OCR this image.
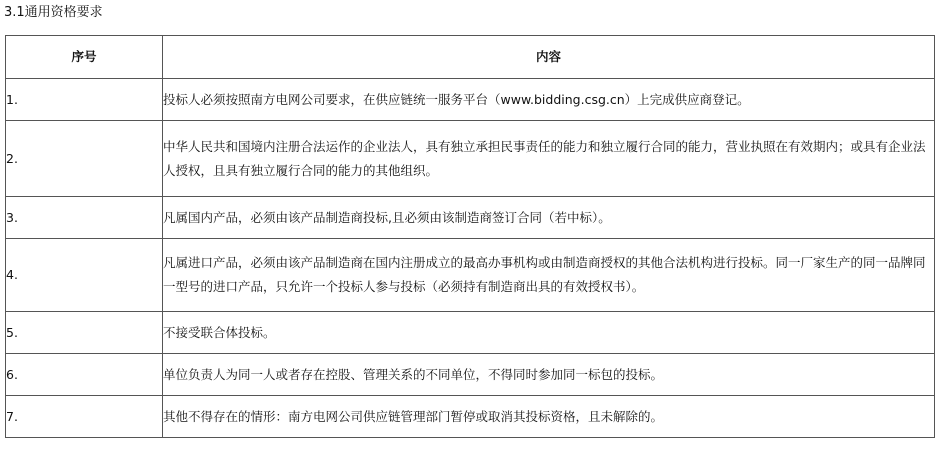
3.1通用资格要求
序号	内容
1.	投标人必须按照南方电网公司要求，在供应链统一服务平台（www.bidding.csg.cn）上完成供应商登记。
2.	中华人民共和国境内注册合法运作的企业法人，具有独立承担民事责任的能力和独立履行合同的能力，营业执照在有效期内；或具有企业法人授权，且具有独立履行合同的能力的其他组织。
3.	凡属国内产品，必须由该产品制造商投标,且必须由该制造商签订合同（若中标）。
4.	凡属进口产品，必须由该产品制造商在国内注册成立的最高办事机构或由制造商授权的其他合法机构进行投标。同一厂家生产的同一品牌同一型号的进口产品，只允许一个投标人参与投标（必须持有制造商出具的有效授权书）。
5.	不接受联合体投标。
6.	单位负责人为同一人或者存在控股、管理关系的不同单位，不得同时参加同一标包的投标。
7.	其他不得存在的情形：南方电网公司供应链管理部门暂停或取消其投标资格，且未解除的。
